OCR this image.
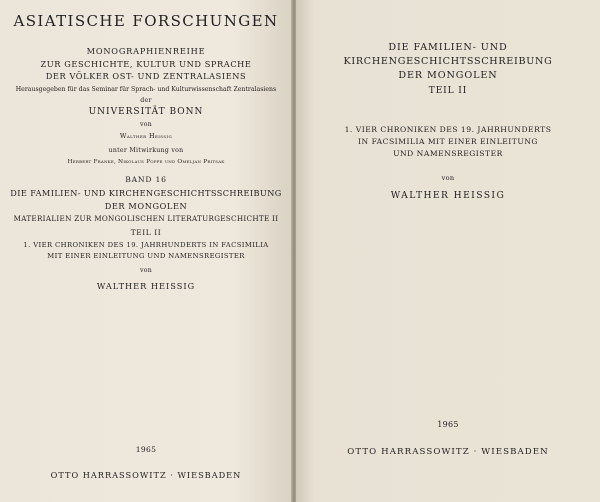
ASIATISCHE FORSCHUNGEN
MONOGRAPHIENREIHE
ZUR GESCHICHTE, KULTUR UND SPRACHE
DER VÖLKER OST- UND ZENTRALASIENS
Herausgegeben für das Seminar für Sprach- und Kulturwissenschaft Zentralasiens
der
UNIVERSITÄT BONN
von
Walther Heissig
unter Mitwirkung von
Herbert Franke, Nikolaus Poppe und Omeljan Pritsak
BAND 16
DIE FAMILIEN- UND KIRCHENGESCHICHTSSCHREIBUNG
DER MONGOLEN
MATERIALIEN ZUR MONGOLISCHEN LITERATURGESCHICHTE II
TEIL II
1. VIER CHRONIKEN DES 19. JAHRHUNDERTS IN FACSIMILIA
MIT EINER EINLEITUNG UND NAMENSREGISTER
von
WALTHER HEISSIG
1965
OTTO HARRASSOWITZ · WIESBADEN
DIE FAMILIEN- UND
KIRCHENGESCHICHTSSCHREIBUNG
DER MONGOLEN
TEIL II
1. VIER CHRONIKEN DES 19. JAHRHUNDERTS
IN FACSIMILIA MIT EINER EINLEITUNG
UND NAMENSREGISTER
von
WALTHER HEISSIG
1965
OTTO HARRASSOWITZ · WIESBADEN
